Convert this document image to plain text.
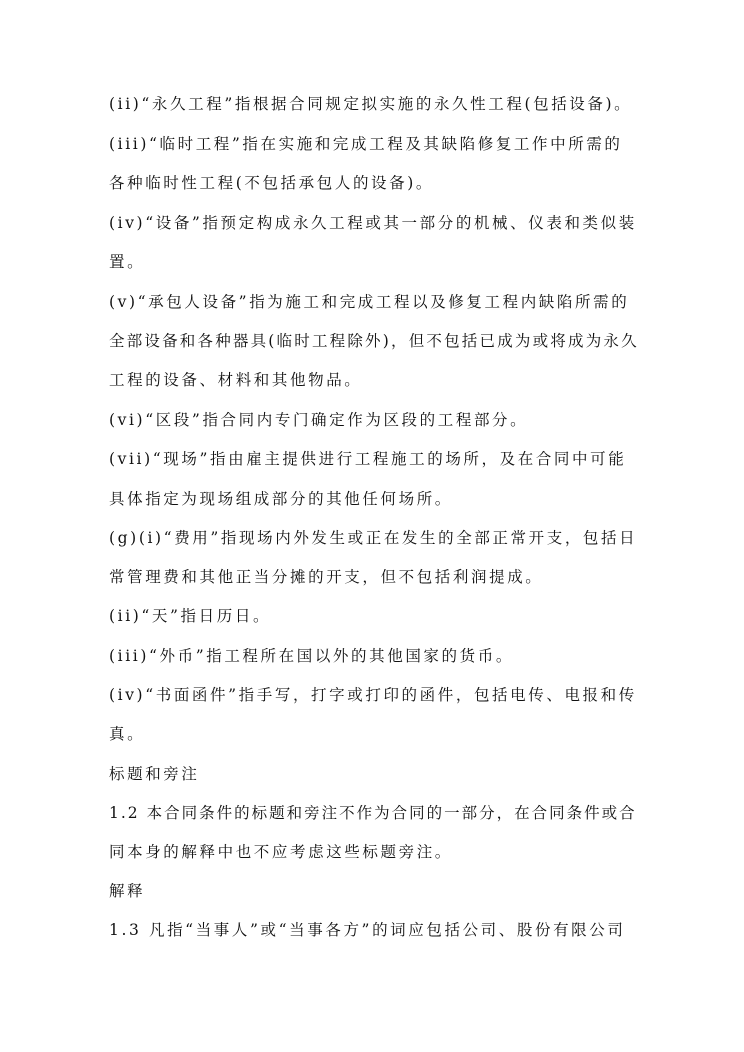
(ii)“永久工程”指根据合同规定拟实施的永久性工程(包括设备)。
(iii)“临时工程”指在实施和完成工程及其缺陷修复工作中所需的
各种临时性工程(不包括承包人的设备)。
(iv)“设备”指预定构成永久工程或其一部分的机械、仪表和类似装
置。
(v)“承包人设备”指为施工和完成工程以及修复工程内缺陷所需的
全部设备和各种器具(临时工程除外)，但不包括已成为或将成为永久
工程的设备、材料和其他物品。
(vi)“区段”指合同内专门确定作为区段的工程部分。
(vii)“现场”指由雇主提供进行工程施工的场所，及在合同中可能
具体指定为现场组成部分的其他任何场所。
(g)(i)“费用”指现场内外发生或正在发生的全部正常开支，包括日
常管理费和其他正当分摊的开支，但不包括利润提成。
(ii)“天”指日历日。
(iii)“外币”指工程所在国以外的其他国家的货币。
(iv)“书面函件”指手写，打字或打印的函件，包括电传、电报和传
真。
标题和旁注
1.2 本合同条件的标题和旁注不作为合同的一部分，在合同条件或合
同本身的解释中也不应考虑这些标题旁注。
解释
1.3 凡指“当事人”或“当事各方”的词应包括公司、股份有限公司
